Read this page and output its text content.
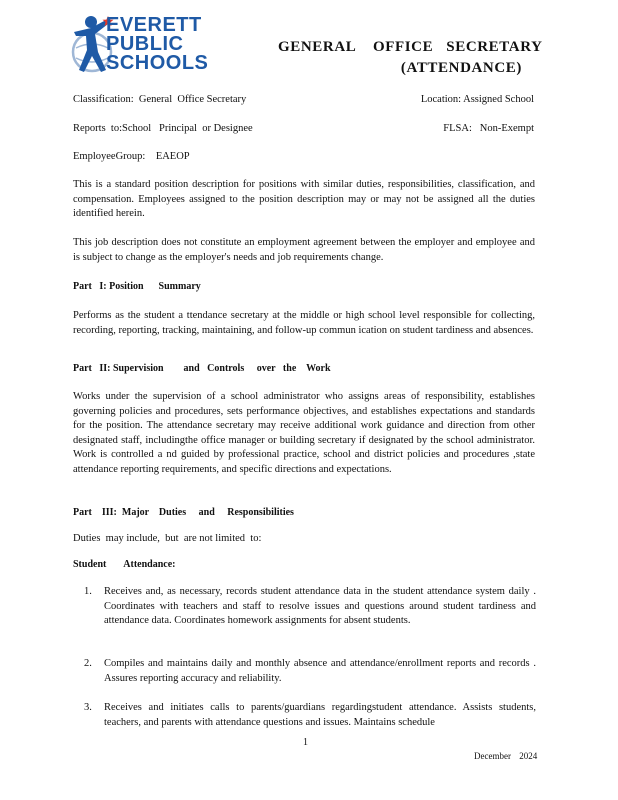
EVERETT
PUBLIC
SCHOOLS
GENERAL    OFFICE   SECRETARY
(ATTENDANCE)
Classification:  General  Office Secretary	Location: Assigned School
Reports  to:School   Principal  or Designee	FLSA:   Non-Exempt
EmployeeGroup:    EAEOP
This is a standard position description for positions with similar duties, responsibilities, classification, and compensation. Employees assigned to the position description may or may not be assigned all the duties identified herein.
This job description does not constitute an employment agreement between the employer and employee and is subject to change as the employer's needs and job requirements change.
Part   I: Position      Summary
Performs as the student a ttendance secretary at the middle or high school level responsible for collecting, recording, reporting, tracking, maintaining, and follow-up commun ication on student tardiness and absences.
Part   II: Supervision        and   Controls     over   the    Work
Works under the supervision of a school administrator who assigns areas of responsibility, establishes governing policies and procedures, sets performance objectives, and establishes expectations and standards for the position. The attendance secretary may receive additional work guidance and direction from other designated staff, includingthe office manager or building secretary if designated by the school administrator. Work is controlled a nd guided by professional practice, school and district policies and procedures ,state attendance reporting requirements, and specific directions and expectations.
Part    III:  Major    Duties     and     Responsibilities
Duties  may include,  but  are not limited  to:
Student       Attendance:
1.	Receives and, as necessary, records student attendance data in the student attendance system daily . Coordinates with teachers and staff to resolve issues and questions around student tardiness and attendance data. Coordinates homework assignments for absent students.
2.	Compiles and maintains daily and monthly absence and attendance/enrollment reports and records . Assures reporting accuracy and reliability.
3.	Receives and initiates calls to parents/guardians regardingstudent attendance. Assists students, teachers, and parents with attendance questions and issues. Maintains schedule
1
December 2024
